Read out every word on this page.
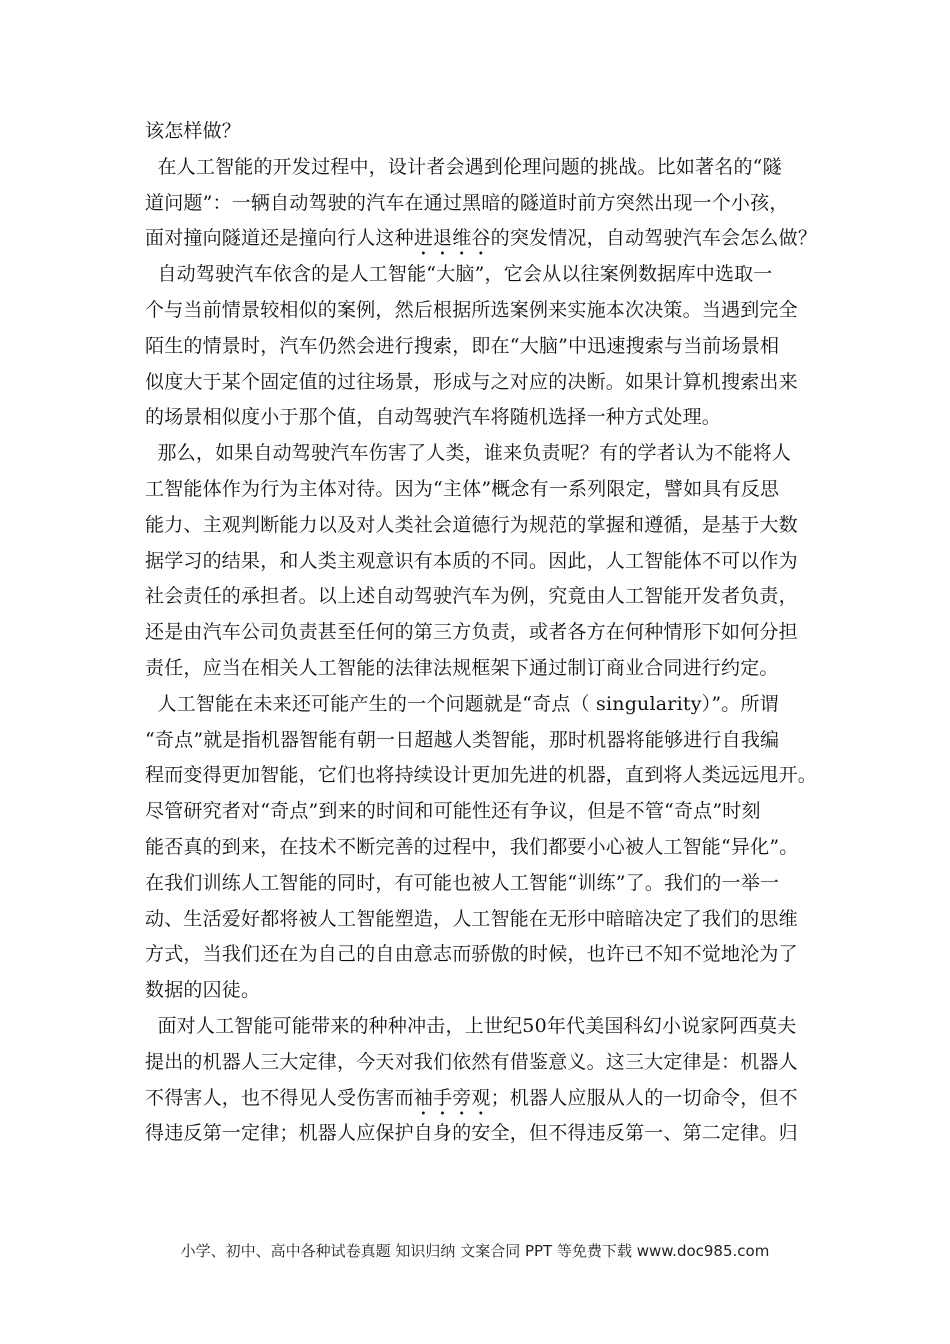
该怎样做？
在人工智能的开发过程中，设计者会遇到伦理问题的挑战。比如著名的“隧
道问题”：一辆自动驾驶的汽车在通过黑暗的隧道时前方突然出现一个小孩，
面对撞向隧道还是撞向行人这种进退维谷的突发情况，自动驾驶汽车会怎么做？
自动驾驶汽车依含的是人工智能“大脑”，它会从以往案例数据库中选取一
个与当前情景较相似的案例，然后根据所选案例来实施本次决策。当遇到完全
陌生的情景时，汽车仍然会进行搜索，即在“大脑”中迅速搜索与当前场景相
似度大于某个固定值的过往场景，形成与之对应的决断。如果计算机搜索出来
的场景相似度小于那个值，自动驾驶汽车将随机选择一种方式处理。
那么，如果自动驾驶汽车伤害了人类，谁来负责呢？有的学者认为不能将人
工智能体作为行为主体对待。因为“主体”概念有一系列限定，譬如具有反思
能力、主观判断能力以及对人类社会道德行为规范的掌握和遵循，是基于大数
据学习的结果，和人类主观意识有本质的不同。因此，人工智能体不可以作为
社会责任的承担者。以上述自动驾驶汽车为例，究竟由人工智能开发者负责，
还是由汽车公司负责甚至任何的第三方负责，或者各方在何种情形下如何分担
责任，应当在相关人工智能的法律法规框架下通过制订商业合同进行约定。
人工智能在未来还可能产生的一个问题就是“奇点（ singularity）”。所谓
“奇点”就是指机器智能有朝一日超越人类智能，那时机器将能够进行自我编
程而变得更加智能，它们也将持续设计更加先进的机器，直到将人类远远甩开。
尽管研究者对“奇点”到来的时间和可能性还有争议，但是不管“奇点”时刻
能否真的到来，在技术不断完善的过程中，我们都要小心被人工智能“异化”。
在我们训练人工智能的同时，有可能也被人工智能“训练”了。我们的一举一
动、生活爱好都将被人工智能塑造，人工智能在无形中暗暗决定了我们的思维
方式，当我们还在为自己的自由意志而骄傲的时候，也许已不知不觉地沦为了
数据的囚徒。
面对人工智能可能带来的种种冲击，上世纪50年代美国科幻小说家阿西莫夫
提出的机器人三大定律，今天对我们依然有借鉴意义。这三大定律是：机器人
不得害人，也不得见人受伤害而袖手旁观；机器人应服从人的一切命令，但不
得违反第一定律；机器人应保护自身的安全，但不得违反第一、第二定律。归
小学、初中、高中各种试卷真题 知识归纳 文案合同 PPT 等免费下载 www.doc985.com
